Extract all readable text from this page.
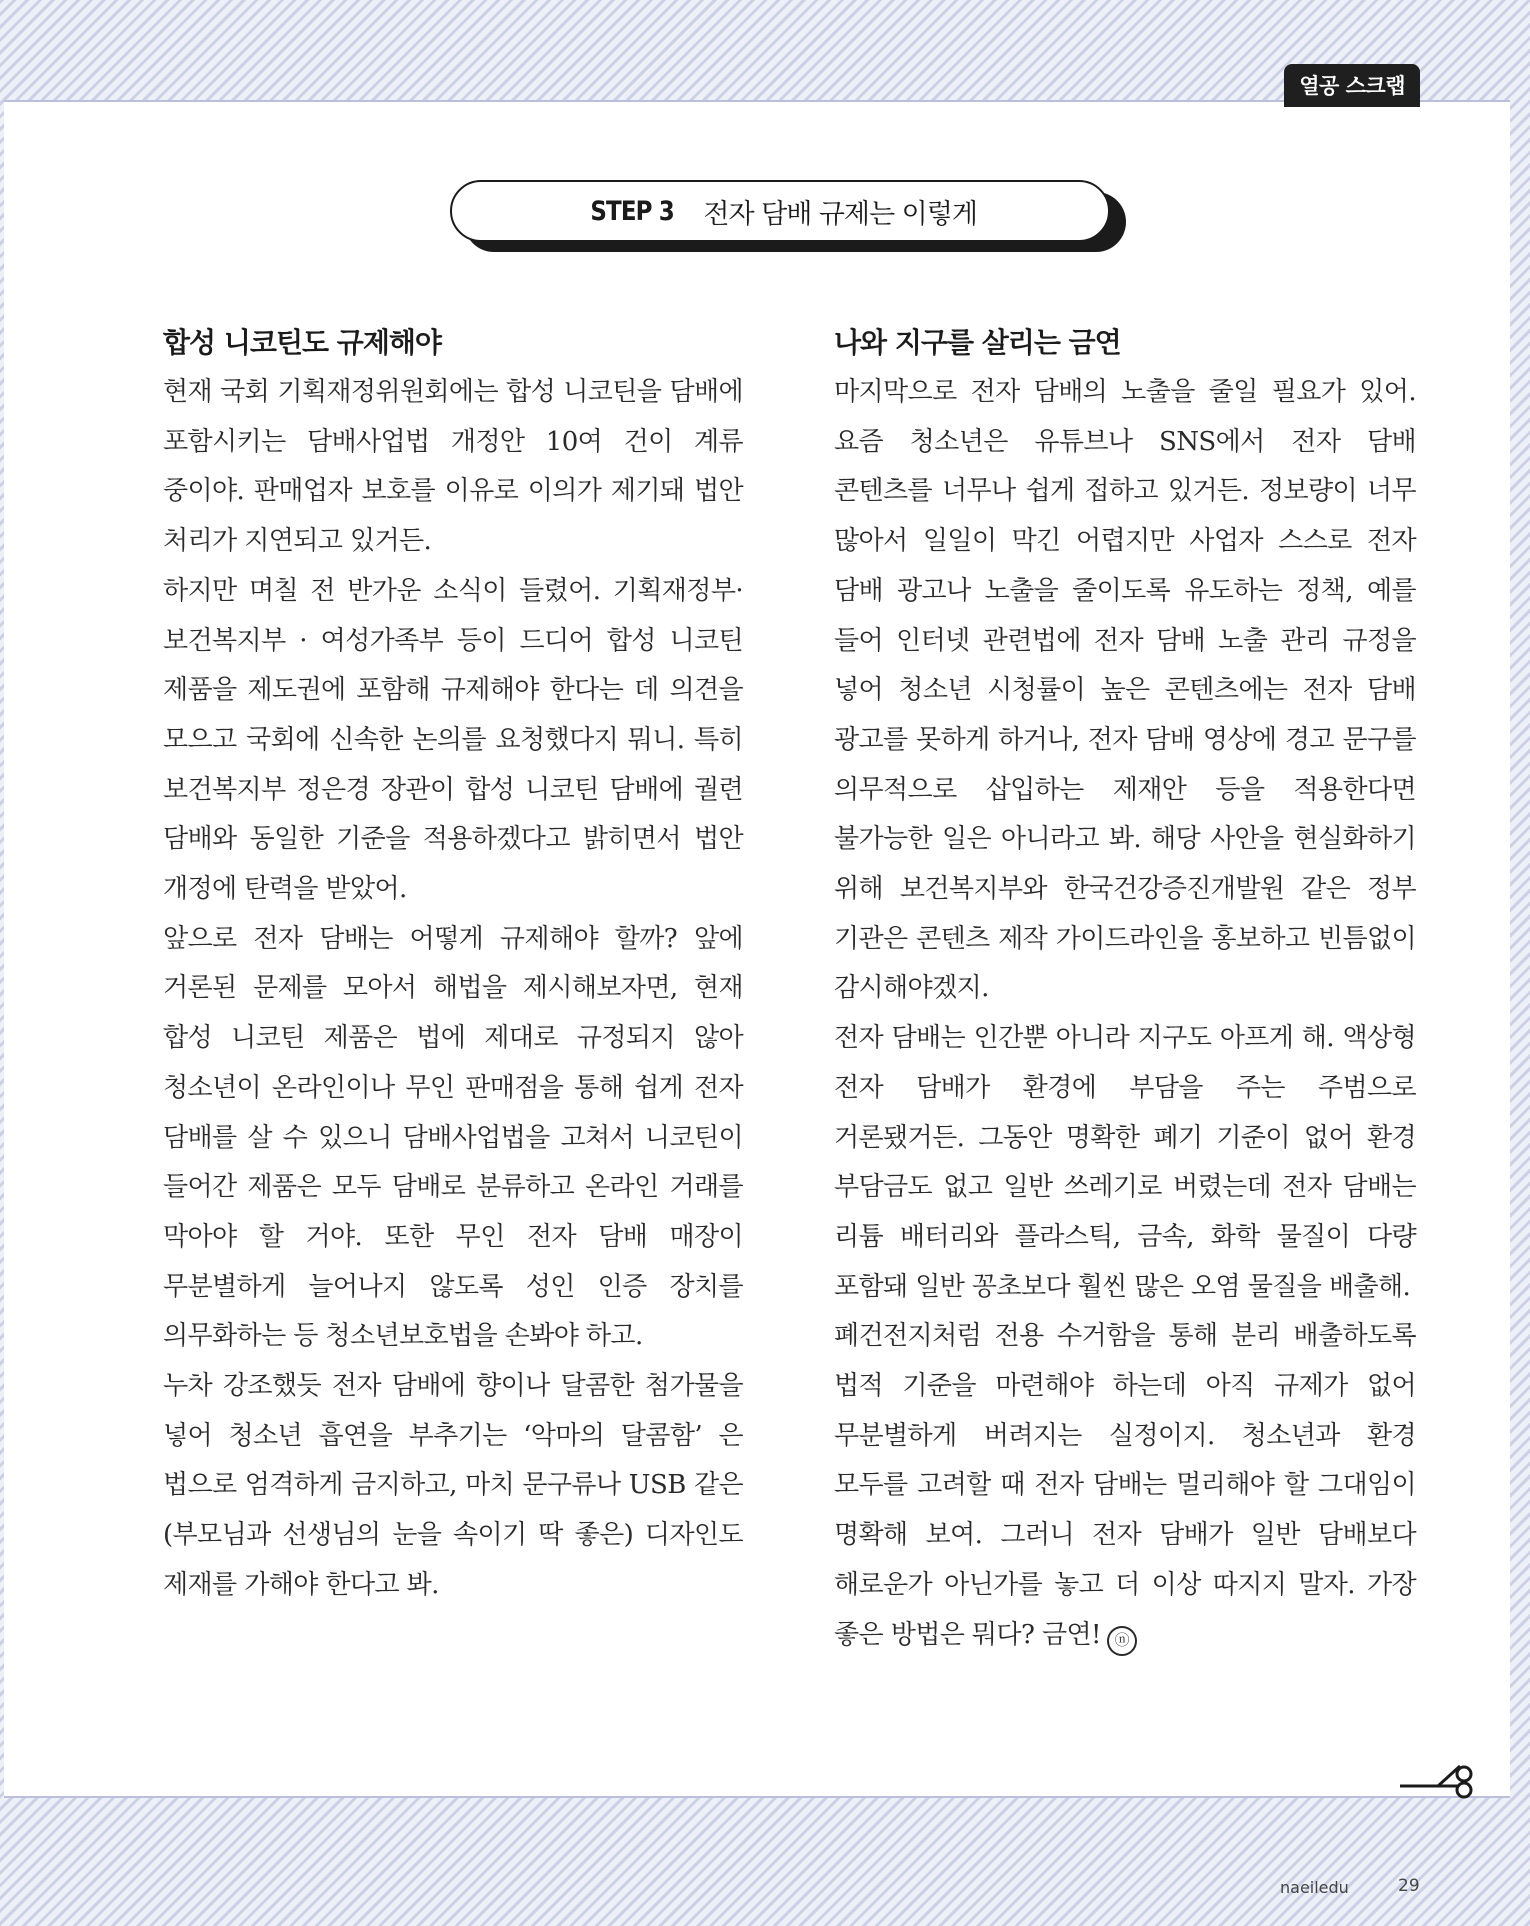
열공 스크랩
STEP 3 전자 담배 규제는 이렇게
합성 니코틴도 규제해야

현재 국회 기획재정위원회에는 합성 니코틴을 담배에 포함시키는 담배사업법 개정안 10여 건이 계류 중이야. 판매업자 보호를 이유로 이의가 제기돼 법안 처리가 지연되고 있거든.

하지만 며칠 전 반가운 소식이 들렸어. 기획재정부·보건복지부 · 여성가족부 등이 드디어 합성 니코틴 제품을 제도권에 포함해 규제해야 한다는 데 의견을 모으고 국회에 신속한 논의를 요청했다지 뭐니. 특히 보건복지부 정은경 장관이 합성 니코틴 담배에 궐련 담배와 동일한 기준을 적용하겠다고 밝히면서 법안 개정에 탄력을 받았어.

앞으로 전자 담배는 어떻게 규제해야 할까? 앞에 거론된 문제를 모아서 해법을 제시해보자면, 현재 합성 니코틴 제품은 법에 제대로 규정되지 않아 청소년이 온라인이나 무인 판매점을 통해 쉽게 전자 담배를 살 수 있으니 담배사업법을 고쳐서 니코틴이 들어간 제품은 모두 담배로 분류하고 온라인 거래를 막아야 할 거야. 또한 무인 전자 담배 매장이 무분별하게 늘어나지 않도록 성인 인증 장치를 의무화하는 등 청소년보호법을 손봐야 하고.

누차 강조했듯 전자 담배에 향이나 달콤한 첨가물을 넣어 청소년 흡연을 부추기는 ‘악마의 달콤함’ 은 법으로 엄격하게 금지하고, 마치 문구류나 USB 같은 (부모님과 선생님의 눈을 속이기 딱 좋은) 디자인도 제재를 가해야 한다고 봐.

나와 지구를 살리는 금연

마지막으로 전자 담배의 노출을 줄일 필요가 있어. 요즘 청소년은 유튜브나 SNS에서 전자 담배 콘텐츠를 너무나 쉽게 접하고 있거든. 정보량이 너무 많아서 일일이 막긴 어렵지만 사업자 스스로 전자 담배 광고나 노출을 줄이도록 유도하는 정책, 예를 들어 인터넷 관련법에 전자 담배 노출 관리 규정을 넣어 청소년 시청률이 높은 콘텐츠에는 전자 담배 광고를 못하게 하거나, 전자 담배 영상에 경고 문구를 의무적으로 삽입하는 제재안 등을 적용한다면 불가능한 일은 아니라고 봐. 해당 사안을 현실화하기 위해 보건복지부와 한국건강증진개발원 같은 정부 기관은 콘텐츠 제작 가이드라인을 홍보하고 빈틈없이 감시해야겠지.

전자 담배는 인간뿐 아니라 지구도 아프게 해. 액상형 전자 담배가 환경에 부담을 주는 주범으로 거론됐거든. 그동안 명확한 폐기 기준이 없어 환경 부담금도 없고 일반 쓰레기로 버렸는데 전자 담배는 리튬 배터리와 플라스틱, 금속, 화학 물질이 다량 포함돼 일반 꽁초보다 훨씬 많은 오염 물질을 배출해.

폐건전지처럼 전용 수거함을 통해 분리 배출하도록 법적 기준을 마련해야 하는데 아직 규제가 없어 무분별하게 버려지는 실정이지. 청소년과 환경 모두를 고려할 때 전자 담배는 멀리해야 할 그대임이 명확해 보여. 그러니 전자 담배가 일반 담배보다 해로운가 아닌가를 놓고 더 이상 따지지 말자. 가장 좋은 방법은 뭐다? 금연! ⓝ

naeiledu	29
